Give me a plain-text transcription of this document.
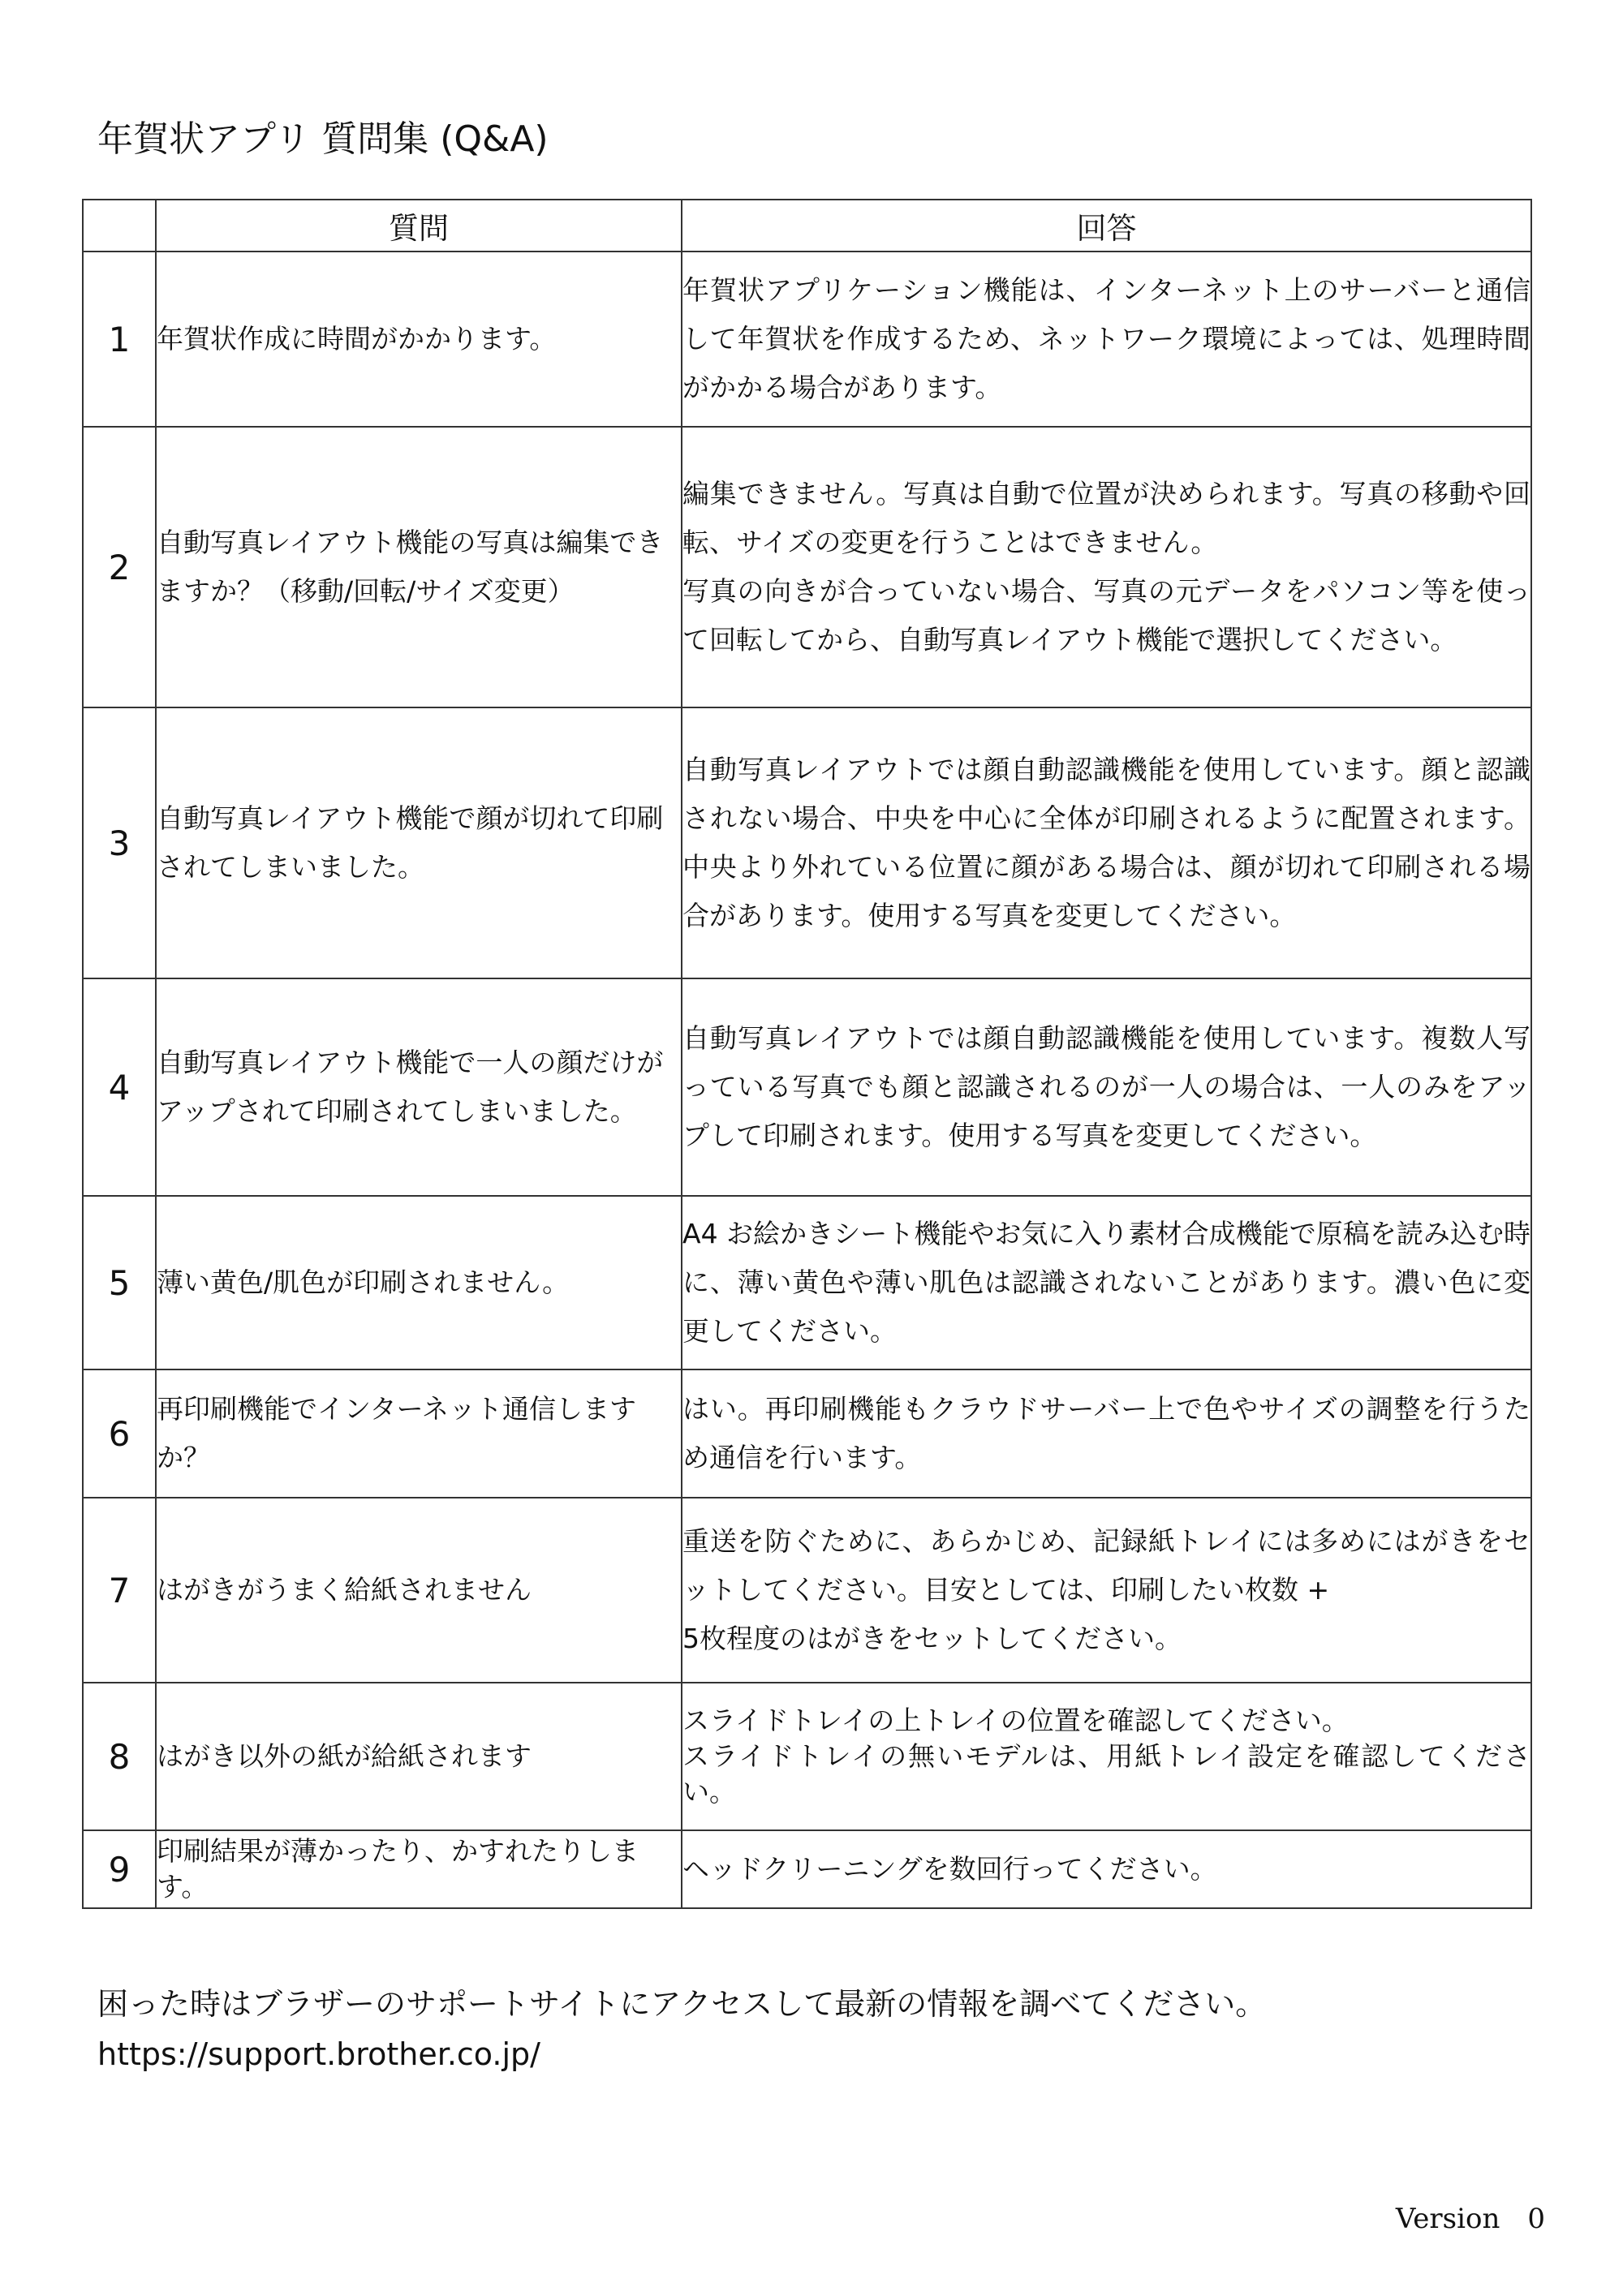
年賀状アプリ 質問集 (Q&A)
	質問	回答
1	年賀状作成に時間がかかります。	年賀状アプリケーション機能は、インターネット上のサーバーと通信して年賀状を作成するため、ネットワーク環境によっては、処理時間がかかる場合があります。

2	自動写真レイアウト機能の写真は編集できますか？（移動/回転/サイズ変更）	編集できません。写真は自動で位置が決められます。写真の移動や回転、サイズの変更を行うことはできません。
写真の向きが合っていない場合、写真の元データをパソコン等を使って回転してから、自動写真レイアウト機能で選択してください。

3	自動写真レイアウト機能で顔が切れて印刷されてしまいました。	自動写真レイアウトでは顔自動認識機能を使用しています。顔と認識されない場合、中央を中心に全体が印刷されるように配置されます。中央より外れている位置に顔がある場合は、顔が切れて印刷される場合があります。使用する写真を変更してください。

4	自動写真レイアウト機能で一人の顔だけがアップされて印刷されてしまいました。	自動写真レイアウトでは顔自動認識機能を使用しています。複数人写っている写真でも顔と認識されるのが一人の場合は、一人のみをアップして印刷されます。使用する写真を変更してください。

5	薄い黄色/肌色が印刷されません。	A4 お絵かきシート機能やお気に入り素材合成機能で原稿を読み込む時に、薄い黄色や薄い肌色は認識されないことがあります。濃い色に変更してください。

6	再印刷機能でインターネット通信しますか？	はい。再印刷機能もクラウドサーバー上で色やサイズの調整を行うため通信を行います。

7	はがきがうまく給紙されません	重送を防ぐために、あらかじめ、記録紙トレイには多めにはがきをセットしてください。目安としては、印刷したい枚数 +
5枚程度のはがきをセットしてください。

8	はがき以外の紙が給紙されます	スライドトレイの上トレイの位置を確認してください。
スライドトレイの無いモデルは、用紙トレイ設定を確認してください。

9	印刷結果が薄かったり、かすれたりします。	ヘッドクリーニングを数回行ってください。
困った時はブラザーのサポートサイトにアクセスして最新の情報を調べてください。
https://support.brother.co.jp/
Version　0
